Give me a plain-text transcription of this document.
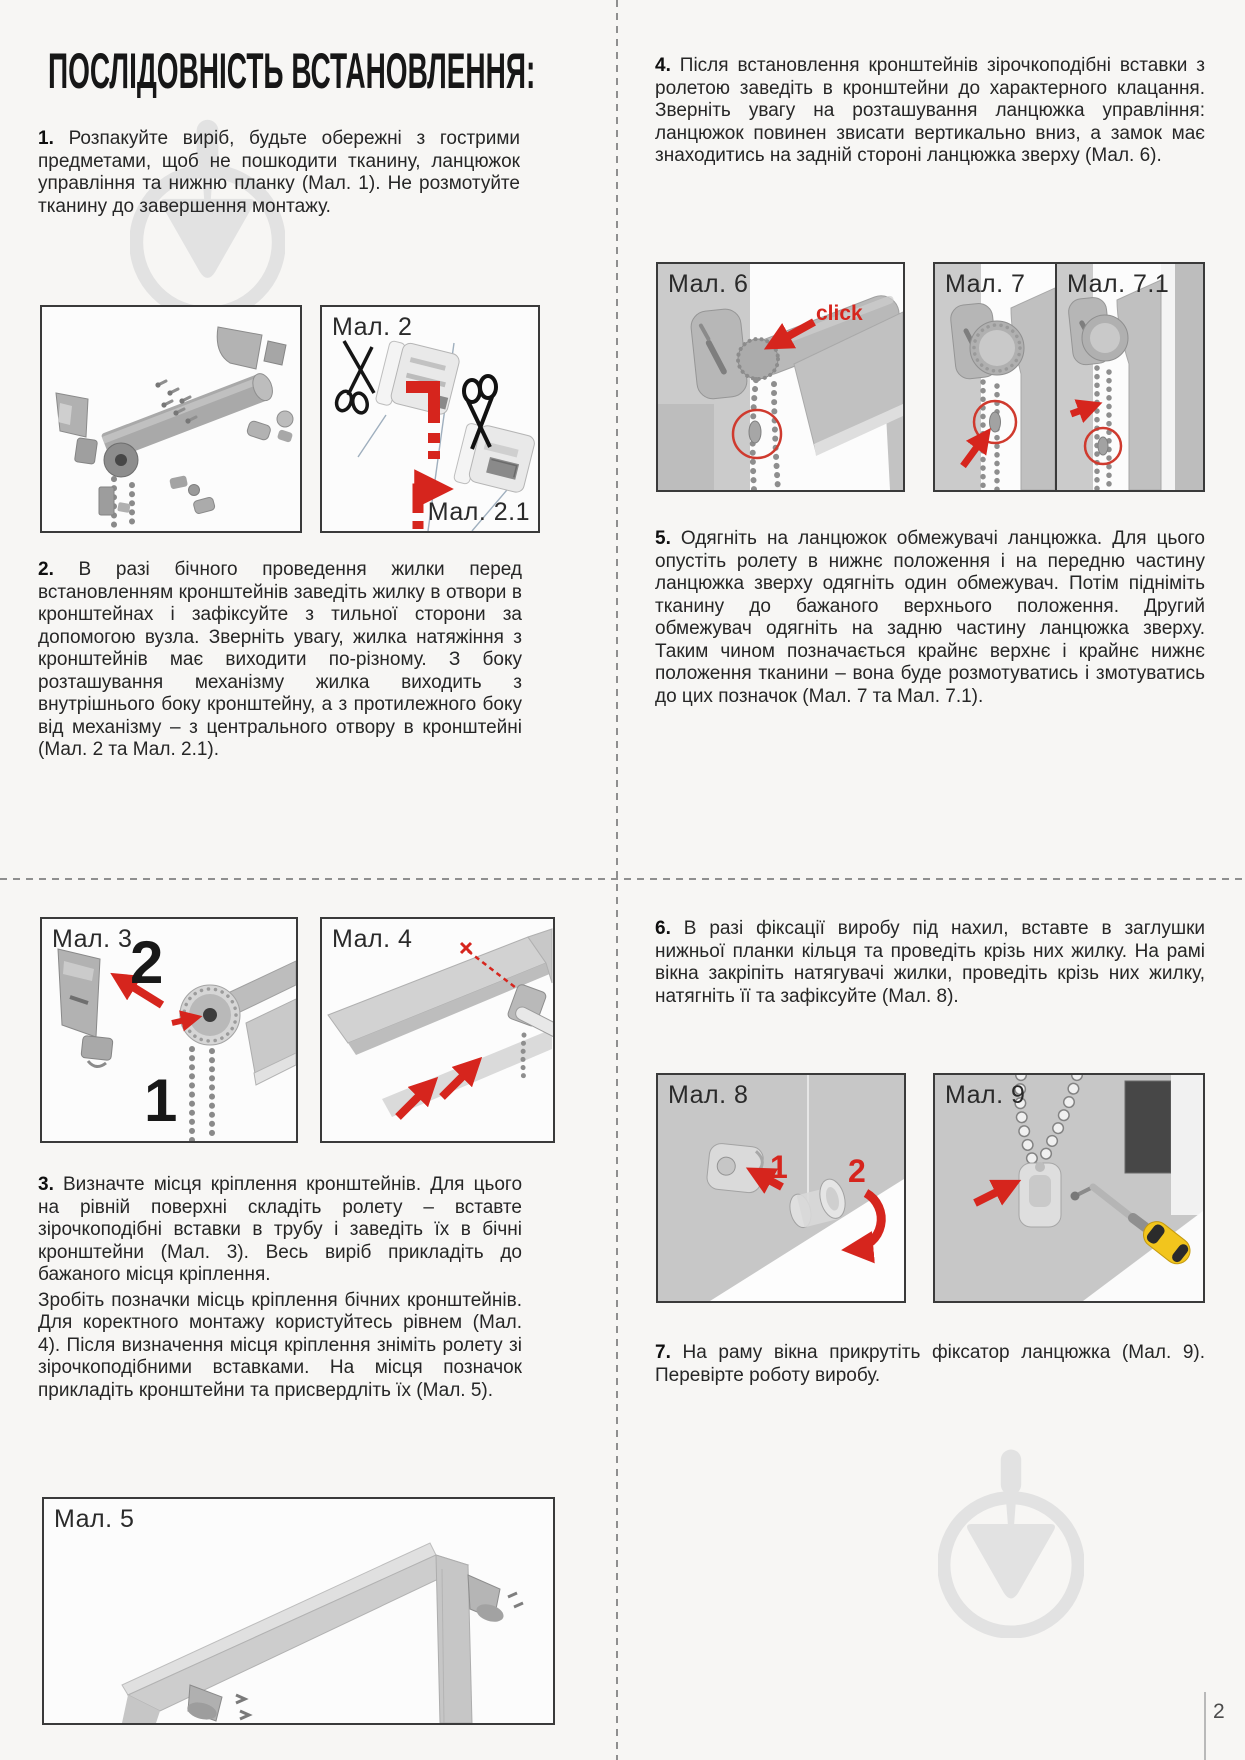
ПОСЛІДОВНІСТЬ ВСТАНОВЛЕННЯ:
1. Розпакуйте виріб, будьте обережні з гострими предметами, щоб не пошкодити тканину, ланцюжок управління та нижню планку (Мал. 1). Не розмотуйте тканину до завершення монтажу.
Мал. 2
Мал. 2.1
2. В разі бічного проведення жилки перед встановленням кронштейнів заведіть жилку в отвори в кронштейнах і зафіксуйте з тильної сторони за допомогою вузла. Зверніть увагу, жилка натяжіння з кронштейнів має виходити по-різному. З боку розташування механізму жилка виходить з внутрішнього боку кронштейну, а з протилежного боку від механізму – з центрального отвору в кронштейні (Мал. 2 та Мал. 2.1).
Мал. 3
2
1
Мал. 4

3. Визначте місця кріплення кронштейнів. Для цього на рівній поверхні складіть ролету – вставте зірочкоподібні вставки в трубу і заведіть їх в бічні кронштейни (Мал. 3). Весь виріб прикладіть до бажаного місця кріплення.

Зробіть позначки місць кріплення бічних кронштейнів. Для коректного монтажу користуйтесь рівнем (Мал. 4). Після визначення місця кріплення зніміть ролету зі зірочкоподібними вставками. На місця позначок прикладіть кронштейни та присвердліть їх (Мал. 5).

Мал. 5
4. Після встановлення кронштейнів зірочкоподібні вставки з ролетою заведіть в кронштейни до характерного клацання. Зверніть увагу на розташування ланцюжка управління: ланцюжок повинен звисати вертикально вниз, а замок має знаходитись на задній стороні ланцюжка зверху (Мал. 6).
Мал. 6
click
Мал. 7 Мал. 7.1
5. Одягніть на ланцюжок обмежувачі ланцюжка. Для цього опустіть ролету в нижнє положення і на передню частину ланцюжка зверху одягніть один обмежувач. Потім підніміть тканину до бажаного верхнього положення. Другий обмежувач одягніть на задню частину ланцюжка зверху. Таким чином позначається крайнє верхнє і крайнє нижнє положення тканини – вона буде розмотуватись і змотуватись до цих позначок (Мал. 7 та Мал. 7.1).
6. В разі фіксації виробу під нахил, вставте в заглушки нижньої планки кільця та проведіть крізь них жилку. На рамі вікна закріпіть натягувачі жилки, проведіть крізь них жилку, натягніть її та зафіксуйте (Мал. 8).
Мал. 8
1 2
Мал. 9
7. На раму вікна прикрутіть фіксатор ланцюжка (Мал. 9). Перевірте роботу виробу.
2
